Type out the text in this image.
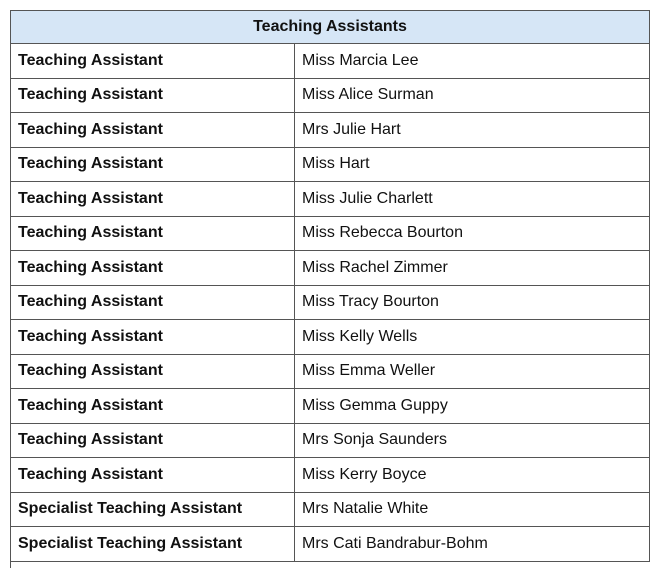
Teaching Assistants	
Teaching Assistant	Miss Marcia Lee
Teaching Assistant	Miss Alice Surman
Teaching Assistant	Mrs Julie Hart
Teaching Assistant	Miss Hart
Teaching Assistant	Miss Julie Charlett
Teaching Assistant	Miss Rebecca Bourton
Teaching Assistant	Miss Rachel Zimmer
Teaching Assistant	Miss Tracy Bourton
Teaching Assistant	Miss Kelly Wells
Teaching Assistant	Miss Emma Weller
Teaching Assistant	Miss Gemma Guppy
Teaching Assistant	Mrs Sonja Saunders
Teaching Assistant	Miss Kerry Boyce
Specialist Teaching Assistant	Mrs Natalie White
Specialist Teaching Assistant	Mrs Cati Bandrabur-Bohm
